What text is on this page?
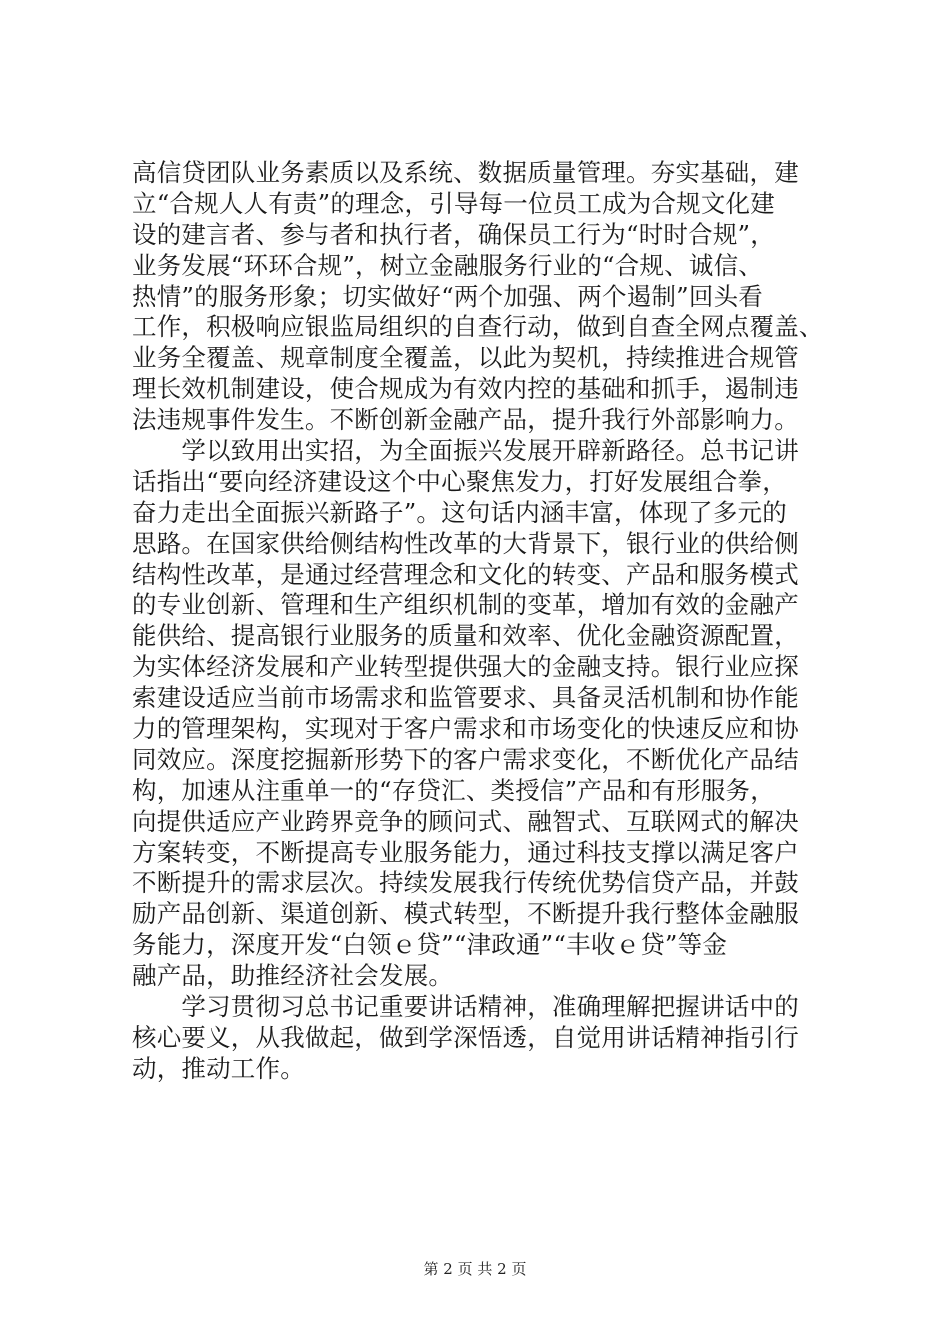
高信贷团队业务素质以及系统、数据质量管理。夯实基础，建
立“合规人人有责”的理念，引导每一位员工成为合规文化建
设的建言者、参与者和执行者，确保员工行为“时时合规”，
业务发展“环环合规”，树立金融服务行业的“合规、诚信、
热情”的服务形象；切实做好“两个加强、两个遏制”回头看
工作，积极响应银监局组织的自查行动，做到自查全网点覆盖、
业务全覆盖、规章制度全覆盖，以此为契机，持续推进合规管
理长效机制建设，使合规成为有效内控的基础和抓手，遏制违
法违规事件发生。不断创新金融产品，提升我行外部影响力。
　　学以致用出实招，为全面振兴发展开辟新路径。总书记讲
话指出“要向经济建设这个中心聚焦发力，打好发展组合拳，
奋力走出全面振兴新路子”。这句话内涵丰富，体现了多元的
思路。在国家供给侧结构性改革的大背景下，银行业的供给侧
结构性改革，是通过经营理念和文化的转变、产品和服务模式
的专业创新、管理和生产组织机制的变革，增加有效的金融产
能供给、提高银行业服务的质量和效率、优化金融资源配置，
为实体经济发展和产业转型提供强大的金融支持。银行业应探
索建设适应当前市场需求和监管要求、具备灵活机制和协作能
力的管理架构，实现对于客户需求和市场变化的快速反应和协
同效应。深度挖掘新形势下的客户需求变化，不断优化产品结
构，加速从注重单一的“存贷汇、类授信”产品和有形服务，
向提供适应产业跨界竞争的顾问式、融智式、互联网式的解决
方案转变，不断提高专业服务能力，通过科技支撑以满足客户
不断提升的需求层次。持续发展我行传统优势信贷产品，并鼓
励产品创新、渠道创新、模式转型，不断提升我行整体金融服
务能力，深度开发“白领ｅ贷”“津政通”“丰收ｅ贷”等金
融产品，助推经济社会发展。
　　学习贯彻习总书记重要讲话精神，准确理解把握讲话中的
核心要义，从我做起，做到学深悟透，自觉用讲话精神指引行
动，推动工作。
第 2 页 共 2 页
